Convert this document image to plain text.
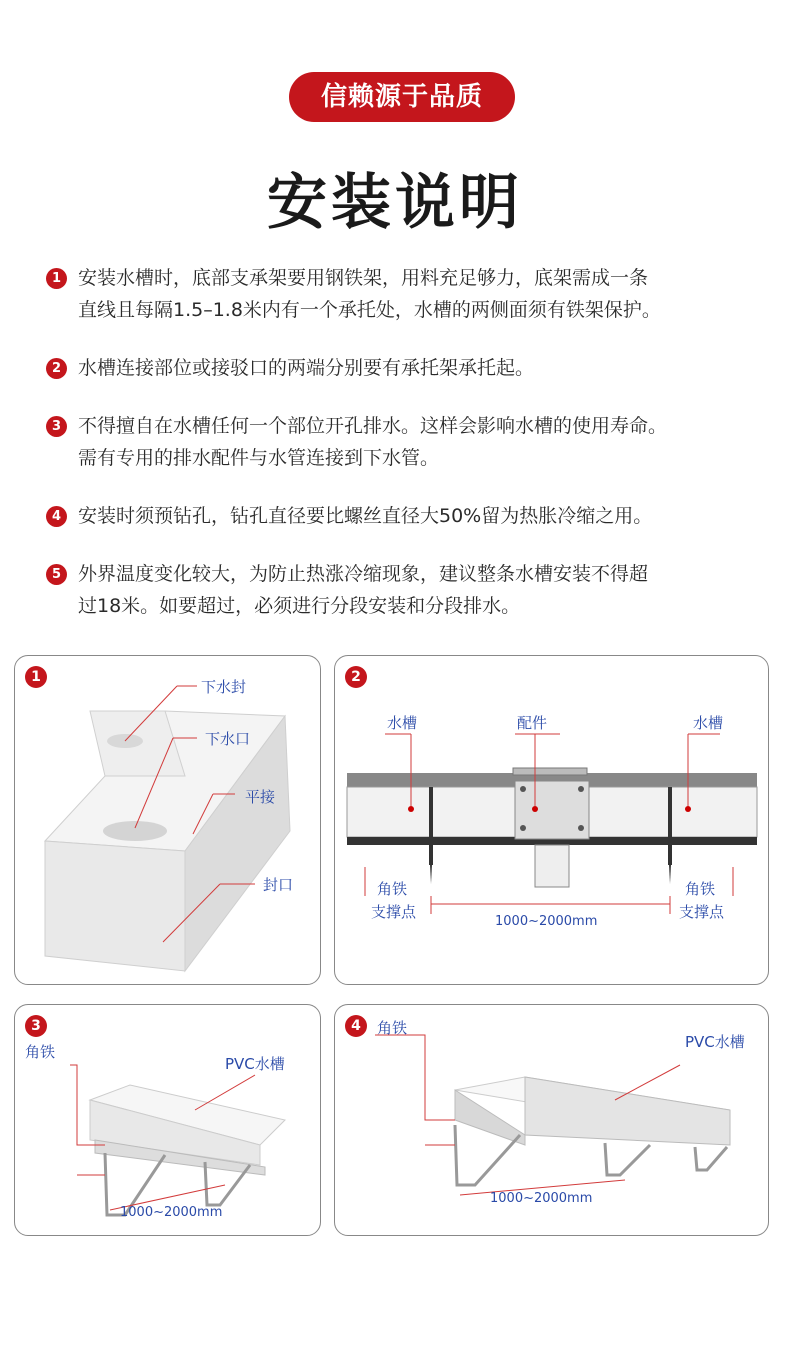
信赖源于品质
安装说明
1 安装水槽时，底部支承架要用钢铁架，用料充足够力，底架需成一条
直线且每隔1.5–1.8米内有一个承托处，水槽的两侧面须有铁架保护。
2 水槽连接部位或接驳口的两端分别要有承托架承托起。
3 不得擅自在水槽任何一个部位开孔排水。这样会影响水槽的使用寿命。
需有专用的排水配件与水管连接到下水管。
4 安装时须预钻孔，钻孔直径要比螺丝直径大50%留为热胀冷缩之用。
5 外界温度变化较大，为防止热涨冷缩现象，建议整条水槽安装不得超
过18米。如要超过，必须进行分段安装和分段排水。
1
下水封
下水口
平接
封口
2
水槽	配件	水槽
角铁
支撑点
角铁
支撑点
1000~2000mm
3
角铁
PVC水槽
1000~2000mm
4	角铁
PVC水槽
1000~2000mm
